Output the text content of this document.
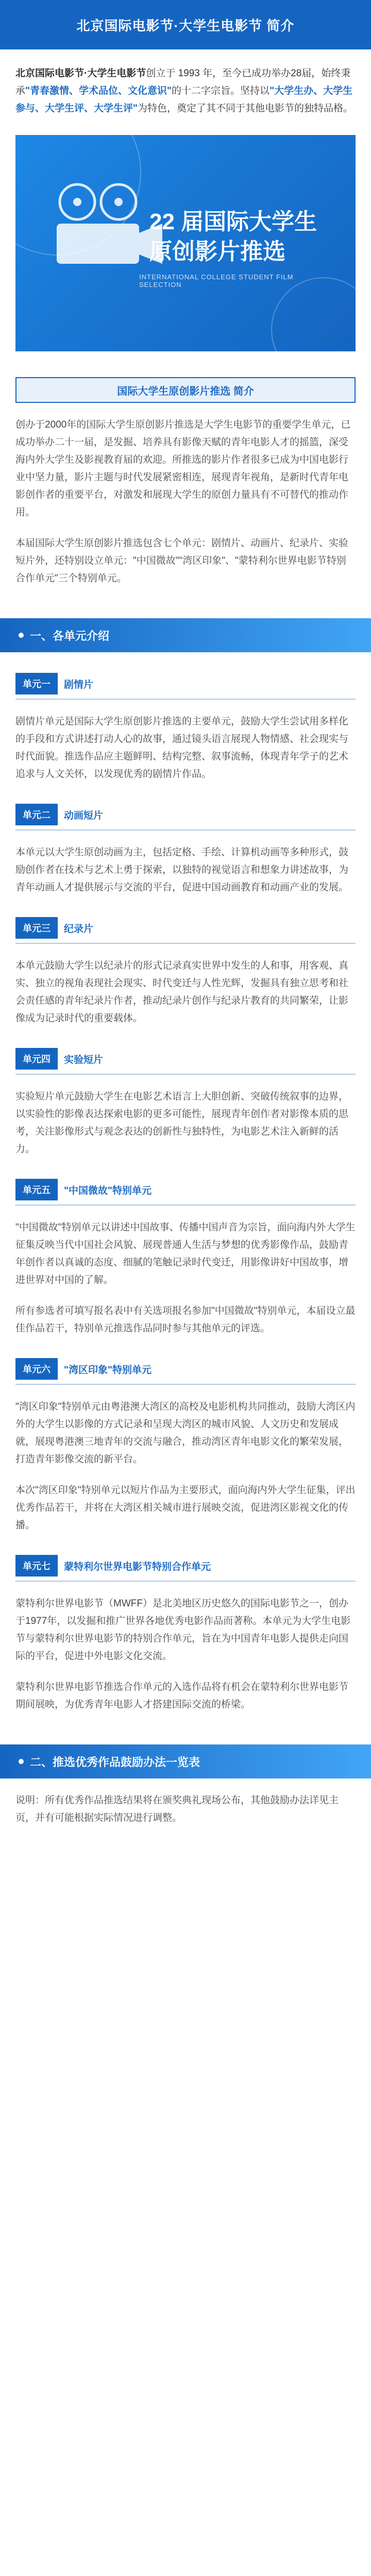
北京国际电影节·大学生电影节 简介
北京国际电影节·大学生电影节创立于 1993 年，至今已成功举办28届，始终秉承"青春激情、学术品位、文化意识"的十二字宗旨。坚持以"大学生办、大学生参与、大学生评、大学生评"为特色，奠定了其不同于其他电影节的独特品格。
22 届国际大学生
原创影片推选
INTERNATIONAL COLLEGE STUDENT FILM SELECTION
国际大学生原创影片推选 简介
创办于2000年的国际大学生原创影片推选是大学生电影节的重要学生单元，已成功举办二十一届，是发掘、培养具有影像天赋的青年电影人才的摇篮，深受海内外大学生及影视教育届的欢迎。所推选的影片作者很多已成为中国电影行业中坚力量，影片主题与时代发展紧密相连，展现青年视角，是新时代青年电影创作者的重要平台，对激发和展现大学生的原创力量具有不可替代的推动作用。
本届国际大学生原创影片推选包含七个单元：剧情片、动画片、纪录片、实验短片外，还特别设立单元："中国微故""湾区印象"、"蒙特利尔世界电影节特别合作单元"三个特别单元。
一、各单元介绍
单元一	剧情片
剧情片单元是国际大学生原创影片推选的主要单元，鼓励大学生尝试用多样化的手段和方式讲述打动人心的故事，通过镜头语言展现人物情感、社会现实与时代面貌。推选作品应主题鲜明、结构完整、叙事流畅，体现青年学子的艺术追求与人文关怀，以发现优秀的剧情片作品。
单元二	动画短片
本单元以大学生原创动画为主，包括定格、手绘、计算机动画等多种形式，鼓励创作者在技术与艺术上勇于探索，以独特的视觉语言和想象力讲述故事，为青年动画人才提供展示与交流的平台，促进中国动画教育和动画产业的发展。
单元三	纪录片
本单元鼓励大学生以纪录片的形式记录真实世界中发生的人和事，用客观、真实、独立的视角表现社会现实、时代变迁与人性光辉，发掘具有独立思考和社会责任感的青年纪录片作者，推动纪录片创作与纪录片教育的共同繁荣，让影像成为记录时代的重要载体。
单元四	实验短片
实验短片单元鼓励大学生在电影艺术语言上大胆创新、突破传统叙事的边界，以实验性的影像表达探索电影的更多可能性，展现青年创作者对影像本质的思考，关注影像形式与观念表达的创新性与独特性，为电影艺术注入新鲜的活力。
单元五	"中国微故"特别单元
"中国微故"特别单元以讲述中国故事、传播中国声音为宗旨，面向海内外大学生征集反映当代中国社会风貌、展现普通人生活与梦想的优秀影像作品，鼓励青年创作者以真诚的态度、细腻的笔触记录时代变迁，用影像讲好中国故事，增进世界对中国的了解。
所有参选者可填写报名表中有关选项报名参加"中国微故"特别单元，本届设立最佳作品若干，特别单元推选作品同时参与其他单元的评选。
单元六	"湾区印象"特别单元
"湾区印象"特别单元由粤港澳大湾区的高校及电影机构共同推动，鼓励大湾区内外的大学生以影像的方式记录和呈现大湾区的城市风貌、人文历史和发展成就，展现粤港澳三地青年的交流与融合，推动湾区青年电影文化的繁荣发展，打造青年影像交流的新平台。
本次"湾区印象"特别单元以短片作品为主要形式，面向海内外大学生征集，评出优秀作品若干，并将在大湾区相关城市进行展映交流，促进湾区影视文化的传播。
单元七	蒙特利尔世界电影节特别合作单元
蒙特利尔世界电影节（MWFF）是北美地区历史悠久的国际电影节之一，创办于1977年，以发掘和推广世界各地优秀电影作品而著称。本单元为大学生电影节与蒙特利尔世界电影节的特别合作单元，旨在为中国青年电影人提供走向国际的平台，促进中外电影文化交流。
蒙特利尔世界电影节推选合作单元的入选作品将有机会在蒙特利尔世界电影节期间展映，为优秀青年电影人才搭建国际交流的桥梁。
二、推选优秀作品鼓励办法一览表
说明：所有优秀作品推选结果将在颁奖典礼现场公布，其他鼓励办法详见主页，并有可能根据实际情况进行调整。
